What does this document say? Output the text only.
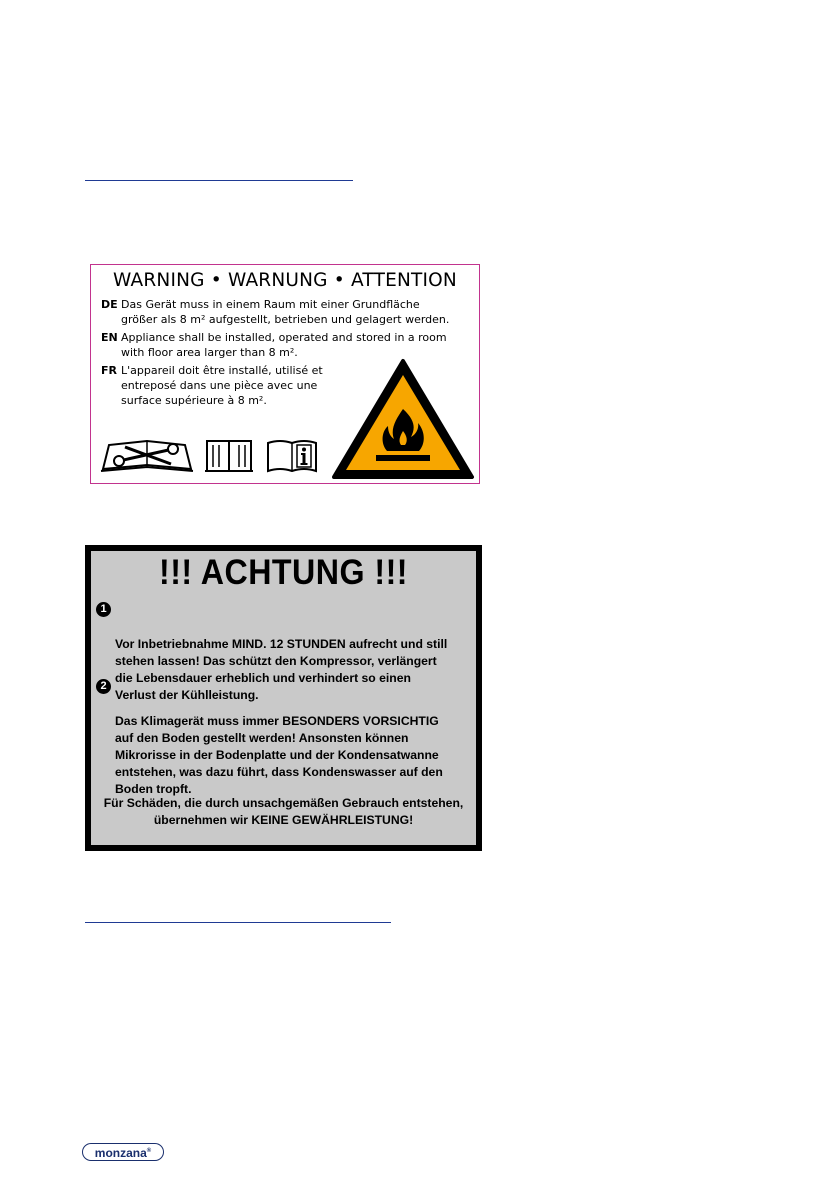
WARNING • WARNUNG • ATTENTION
DE Das Gerät muss in einem Raum mit einer Grundfläche
größer als 8 m² aufgestellt, betrieben und gelagert werden.
EN Appliance shall be installed, operated and stored in a room
with floor area larger than 8 m².
FR L'appareil doit être installé, utilisé et
entreposé dans une pièce avec une
surface supérieure à 8 m².
!!! ACHTUNG !!!

1

Vor Inbetriebnahme MIND. 12 STUNDEN aufrecht und still
stehen lassen! Das schützt den Kompressor, verlängert
die Lebensdauer erheblich und verhindert so einen
Verlust der Kühlleistung.

2

Das Klimagerät muss immer BESONDERS VORSICHTIG
auf den Boden gestellt werden! Ansonsten können
Mikrorisse in der Bodenplatte und der Kondensatwanne
entstehen, was dazu führt, dass Kondenswasser auf den
Boden tropft.

Für Schäden, die durch unsachgemäßen Gebrauch entstehen,
übernehmen wir KEINE GEWÄHRLEISTUNG!
monzana®
